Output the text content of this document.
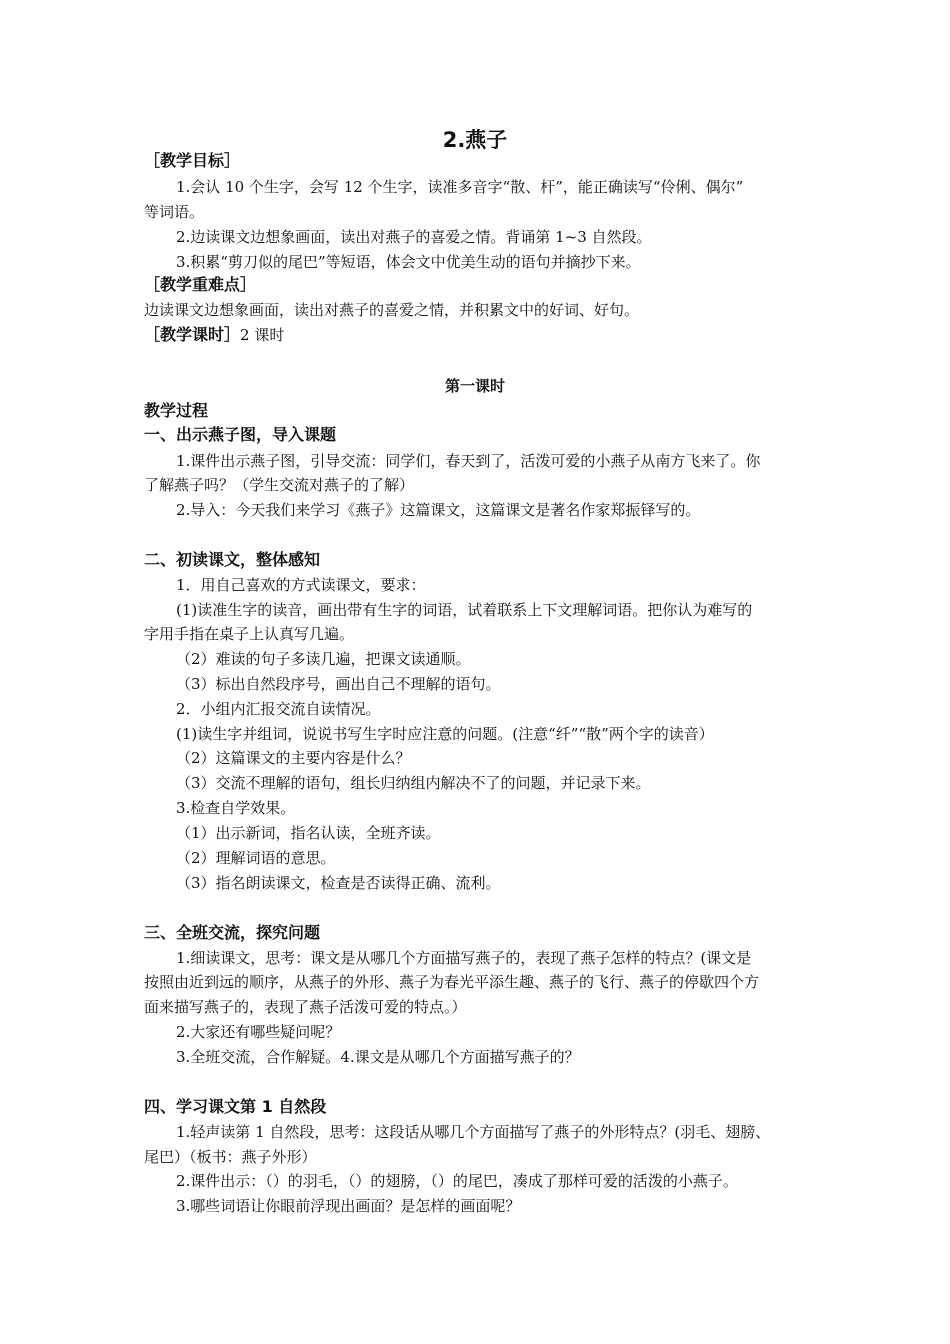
2.燕子
［教学目标］
1.会认 10 个生字，会写 12 个生字，读准多音字“散、杆”，能正确读写“伶俐、偶尔”
等词语。
2.边读课文边想象画面，读出对燕子的喜爱之情。背诵第 1~3 自然段。
3.积累“剪刀似的尾巴”等短语，体会文中优美生动的语句并摘抄下来。
［教学重难点］
边读课文边想象画面，读出对燕子的喜爱之情，并积累文中的好词、好句。
［教学课时］2 课时
第一课时
教学过程
一、出示燕子图，导入课题
1.课件出示燕子图，引导交流：同学们，春天到了，活泼可爱的小燕子从南方飞来了。你
了解燕子吗？（学生交流对燕子的了解）
2.导入：今天我们来学习《燕子》这篇课文，这篇课文是著名作家郑振铎写的。
二、初读课文，整体感知
1．用自己喜欢的方式读课文，要求：
(1)读准生字的读音，画出带有生字的词语，试着联系上下文理解词语。把你认为难写的
字用手指在桌子上认真写几遍。
（2）难读的句子多读几遍，把课文读通顺。
（3）标出自然段序号，画出自己不理解的语句。
2．小组内汇报交流自读情况。
(1)读生字并组词，说说书写生字时应注意的问题。(注意“纤”“散”两个字的读音）
（2）这篇课文的主要内容是什么？
（3）交流不理解的语句，组长归纳组内解决不了的问题，并记录下来。
3.检查自学效果。
（1）出示新词，指名认读，全班齐读。
（2）理解词语的意思。
（3）指名朗读课文，检查是否读得正确、流利。
三、全班交流，探究问题
1.细读课文，思考：课文是从哪几个方面描写燕子的，表现了燕子怎样的特点？(课文是
按照由近到远的顺序，从燕子的外形、燕子为春光平添生趣、燕子的飞行、燕子的停歇四个方
面来描写燕子的，表现了燕子活泼可爱的特点。）
2.大家还有哪些疑问呢？
3.全班交流，合作解疑。4.课文是从哪几个方面描写燕子的？
四、学习课文第 1 自然段
1.轻声读第 1 自然段，思考：这段话从哪几个方面描写了燕子的外形特点？(羽毛、翅膀、
尾巴）（板书：燕子外形）
2.课件出示：（）的羽毛，（）的翅膀，（）的尾巴，凑成了那样可爱的活泼的小燕子。
3.哪些词语让你眼前浮现出画面？是怎样的画面呢？
